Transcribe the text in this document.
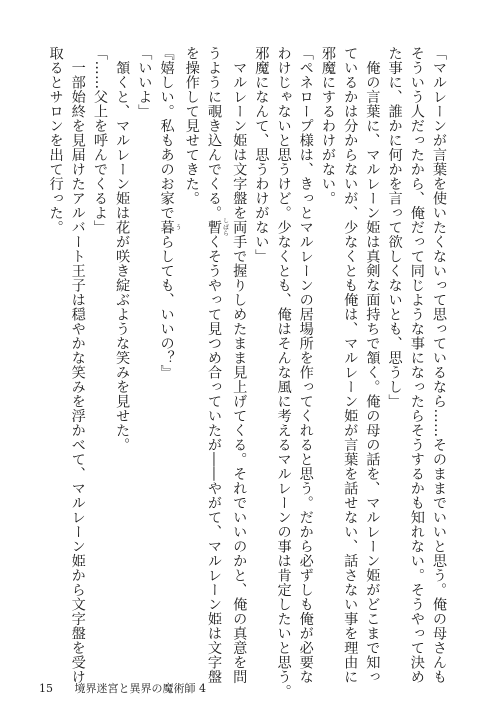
「マルレーンが言葉を使いたくないって思っているなら……そのままでいいと思う。俺の母さんも
そういう人だったから、俺だって同じような事になったらそうするかも知れない。そうやって決め
た事に、誰かに何かを言って欲しくないとも、思うし」
　俺の言葉に、マルレーン姫は真剣な面持ちで頷く。俺の母の話を、マルレーン姫がどこまで知っ
ているかは分からないが、少なくとも俺は、マルレーン姫が言葉を話せない、話さない事を理由に
邪魔にするわけがない。
「ペネロープ様は、きっとマルレーンの居場所を作ってくれると思う。だから必ずしも俺が必要な
わけじゃないと思うけど。少なくとも、俺はそんな風に考えるマルレーンの事は肯定したいと思う。
邪魔になんて、思うわけがない」
　マルレーン姫は文字盤を両手で握りしめたまま見上げてくる。それでいいのかと、俺の真意を問
うように覗き込んでくる。暫 しばらくそうやって見つめ合っていたが――やがて、マルレーン姫は文字盤
を操作して見せてきた。
『嬉しい。私もあのお家で暮 うらしても、いいの？』
「いいよ」
　頷くと、マルレーン姫は花が咲き綻ぶような笑みを見せた。
「……父上を呼んでくるよ」
　一部始終を見届けたアルバート王子は穏やかな笑みを浮かべて、マルレーン姫から文字盤を受け
取るとサロンを出て行った。
15 境界迷宮と異界の魔術師 4
